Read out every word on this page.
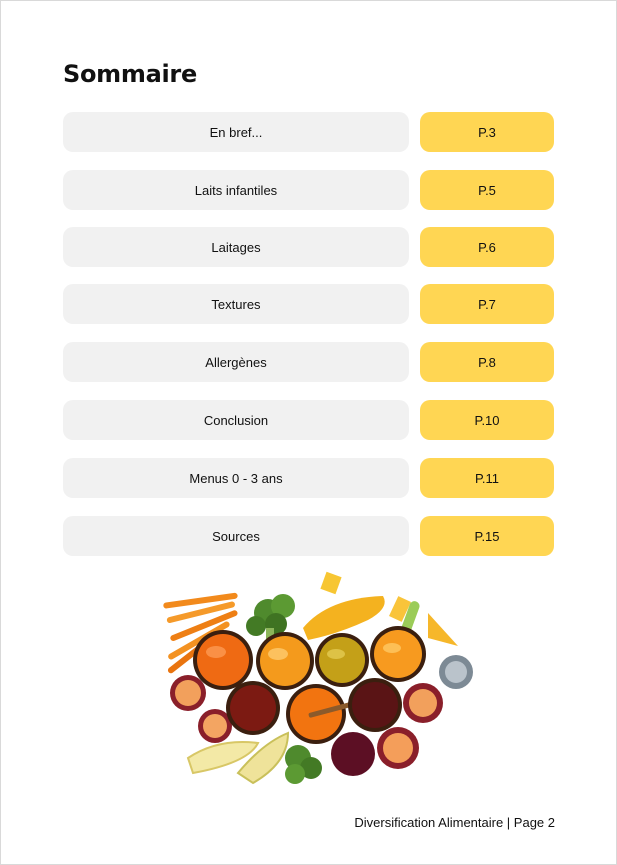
Sommaire
En bref...	P.3
Laits infantiles	P.5
Laitages	P.6
Textures	P.7
Allergènes	P.8
Conclusion	P.10
Menus 0 - 3 ans	P.11
Sources	P.15
Diversification Alimentaire | Page 2
